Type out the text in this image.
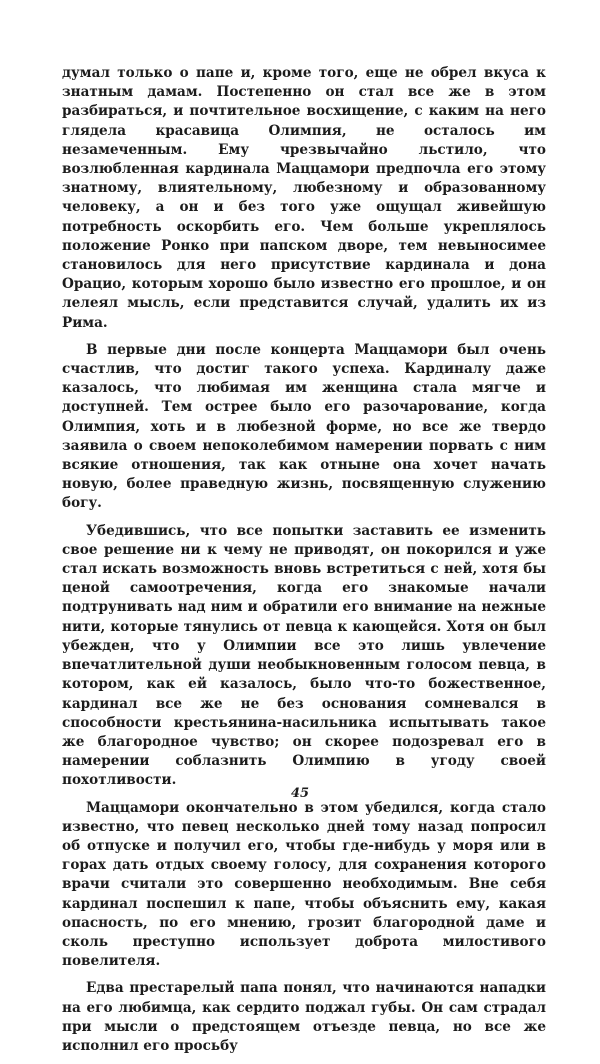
думал только о папе и, кроме того, еще не обрел вкуса к знатным дамам. Постепенно он стал все же в этом разбираться, и почтительное восхищение, с каким на него глядела красавица Олимпия, не осталось им незамеченным. Ему чрезвычайно льстило, что возлюбленная кардинала Маццамори предпочла его этому знатному, влиятельному, любезному и образованному человеку, а он и без того уже ощущал живейшую потребность оскорбить его. Чем больше укреплялось положение Ронко при папском дворе, тем невыносимее становилось для него присутствие кардинала и дона Орацио, которым хорошо было известно его прошлое, и он лелеял мысль, если представится случай, удалить их из Рима.

В первые дни после концерта Маццамори был очень счастлив, что достиг такого успеха. Кардиналу даже казалось, что любимая им женщина стала мягче и доступней. Тем острее было его разочарование, когда Олимпия, хоть и в любезной форме, но все же твердо заявила о своем непоколебимом намерении порвать с ним всякие отношения, так как отныне она хочет начать новую, более праведную жизнь, посвященную служению богу.

Убедившись, что все попытки заставить ее изменить свое решение ни к чему не приводят, он покорился и уже стал искать возможность вновь встретиться с ней, хотя бы ценой самоотречения, когда его знакомые начали подтрунивать над ним и обратили его внимание на нежные нити, которые тянулись от певца к кающейся. Хотя он был убежден, что у Олимпии все это лишь увлечение впечатлительной души необыкновенным голосом певца, в котором, как ей казалось, было что-то божественное, кардинал все же не без основания сомневался в способности крестьянина-насильника испытывать такое же благородное чувство; он скорее подозревал его в намерении соблазнить Олимпию в угоду своей похотливости.

Маццамори окончательно в этом убедился, когда стало известно, что певец несколько дней тому назад попросил об отпуске и получил его, чтобы где-нибудь у моря или в горах дать отдых своему голосу, для сохранения которого врачи считали это совершенно необходимым. Вне себя кардинал поспешил к папе, чтобы объяснить ему, какая опасность, по его мнению, грозит благородной даме и сколь преступно использует доброта милостивого повелителя.

Едва престарелый папа понял, что начинаются нападки на его любимца, как сердито поджал губы. Он сам страдал при мысли о предстоящем отъезде певца, но все же исполнил его просьбу

45
